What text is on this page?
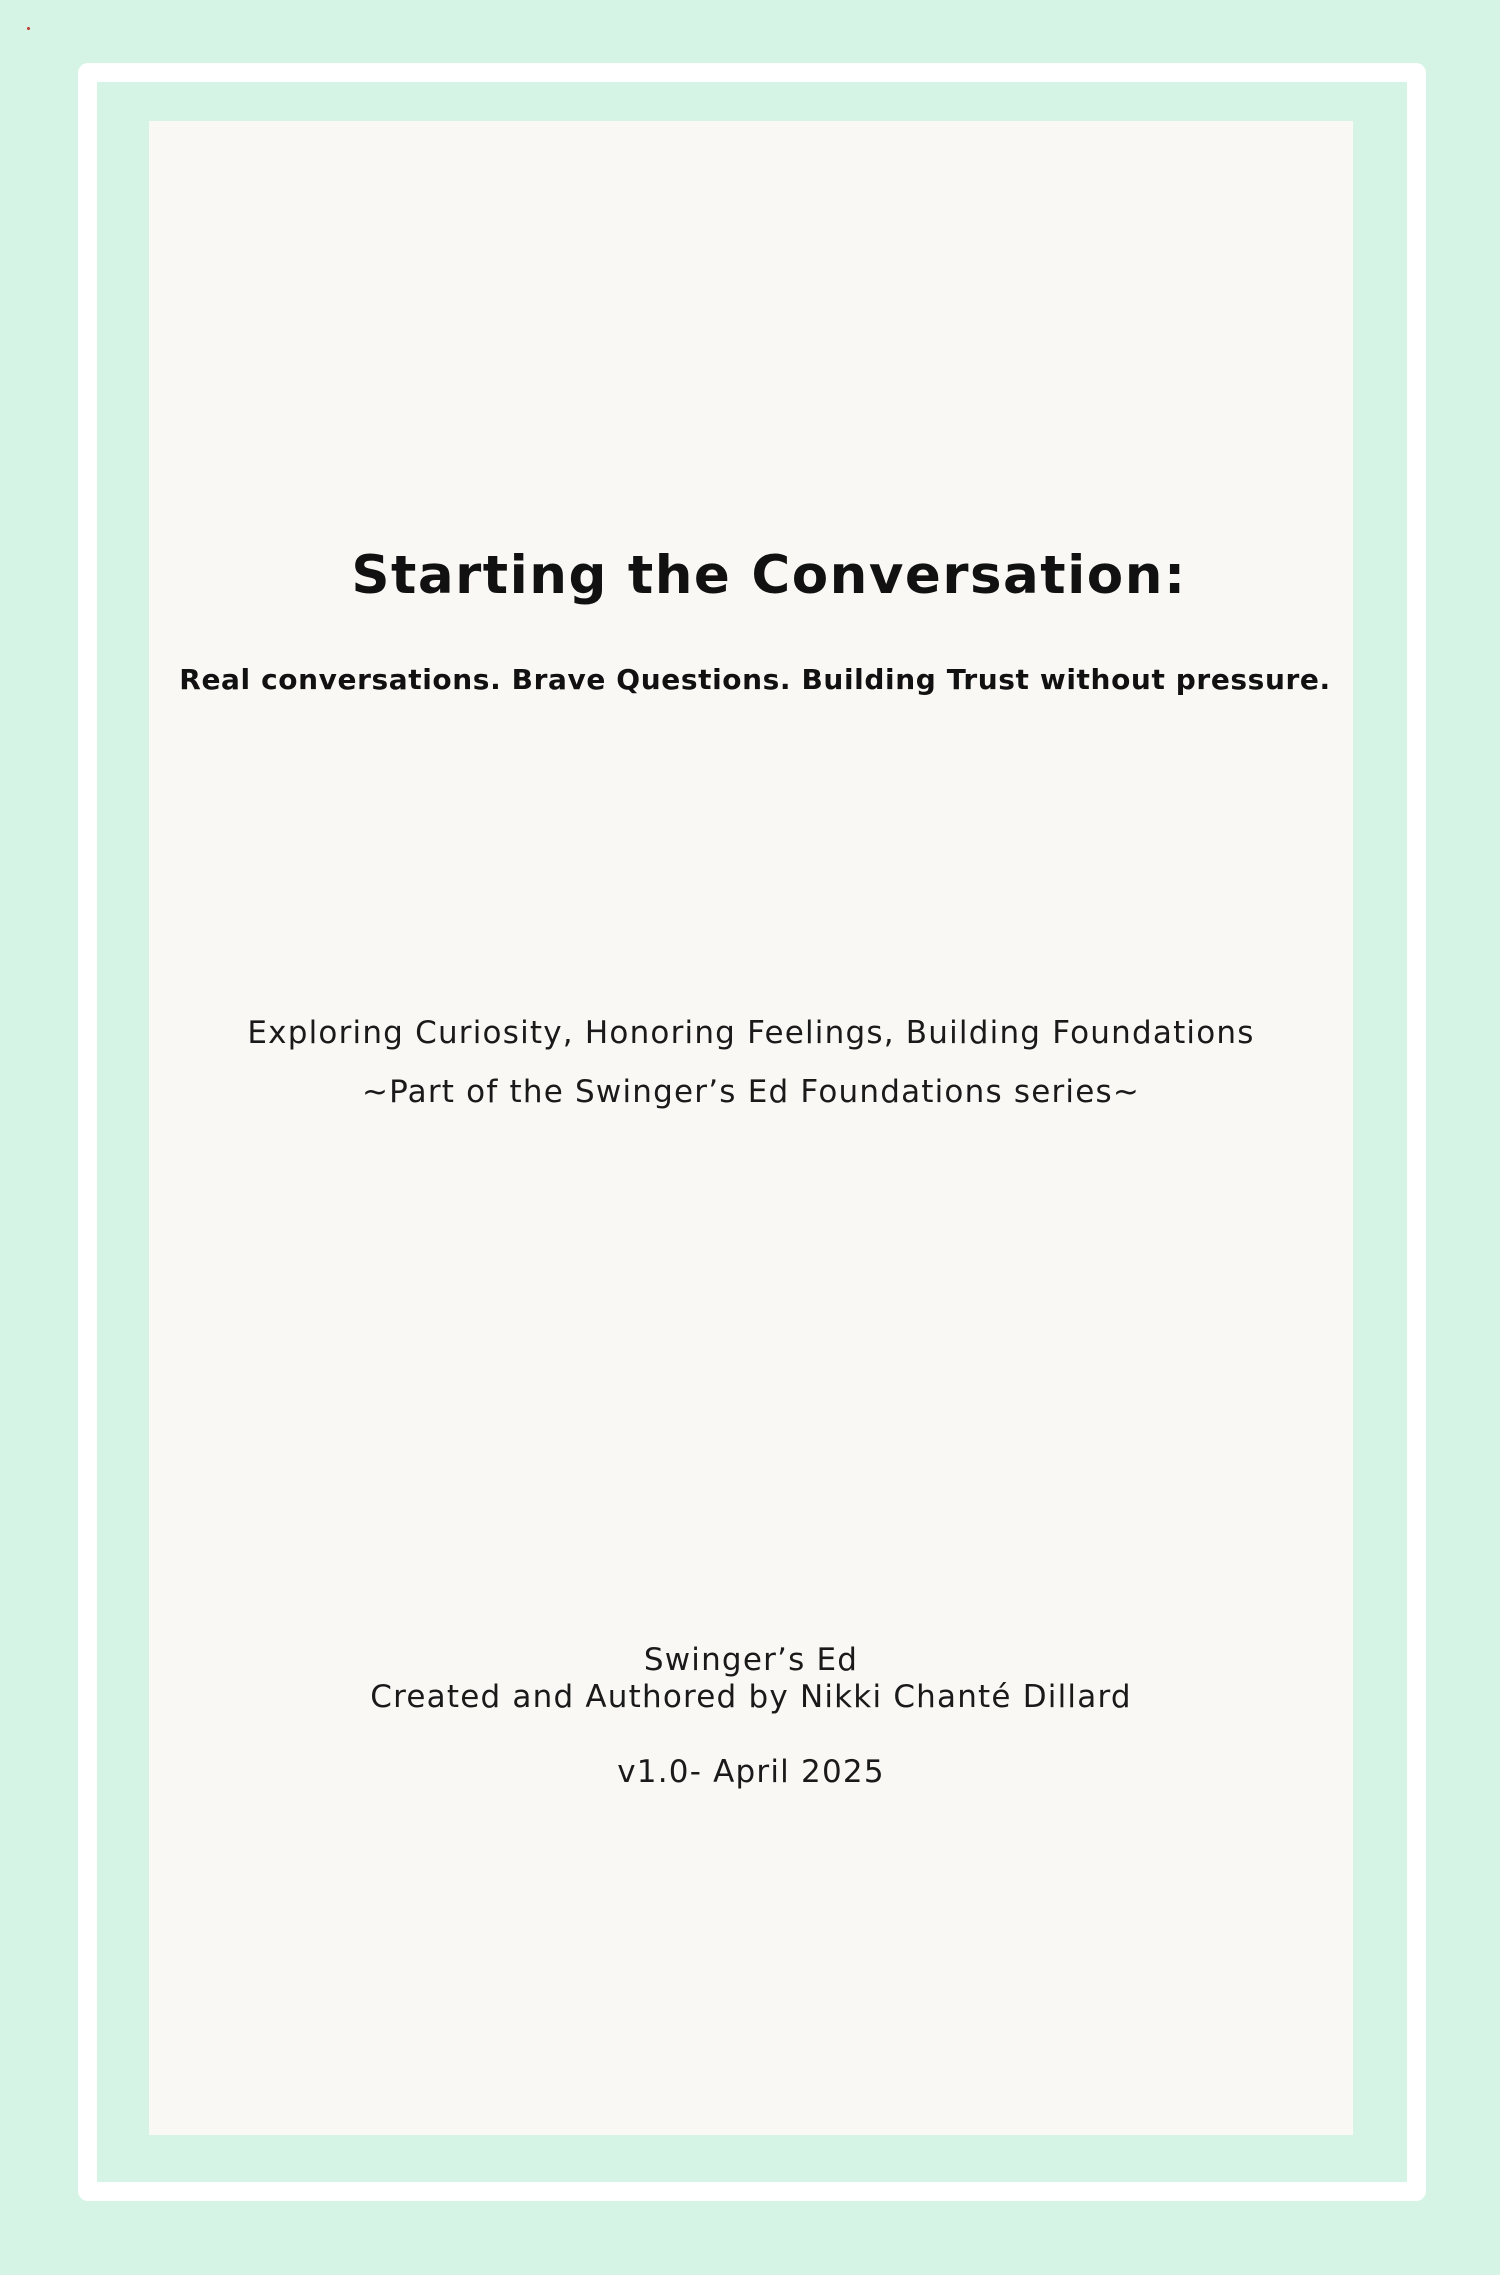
Starting the Conversation:
Real conversations. Brave Questions. Building Trust without pressure.
Exploring Curiosity, Honoring Feelings, Building Foundations
~Part of the Swinger’s Ed Foundations series~
Swinger’s Ed
Created and Authored by Nikki Chanté Dillard
v1.0- April 2025
